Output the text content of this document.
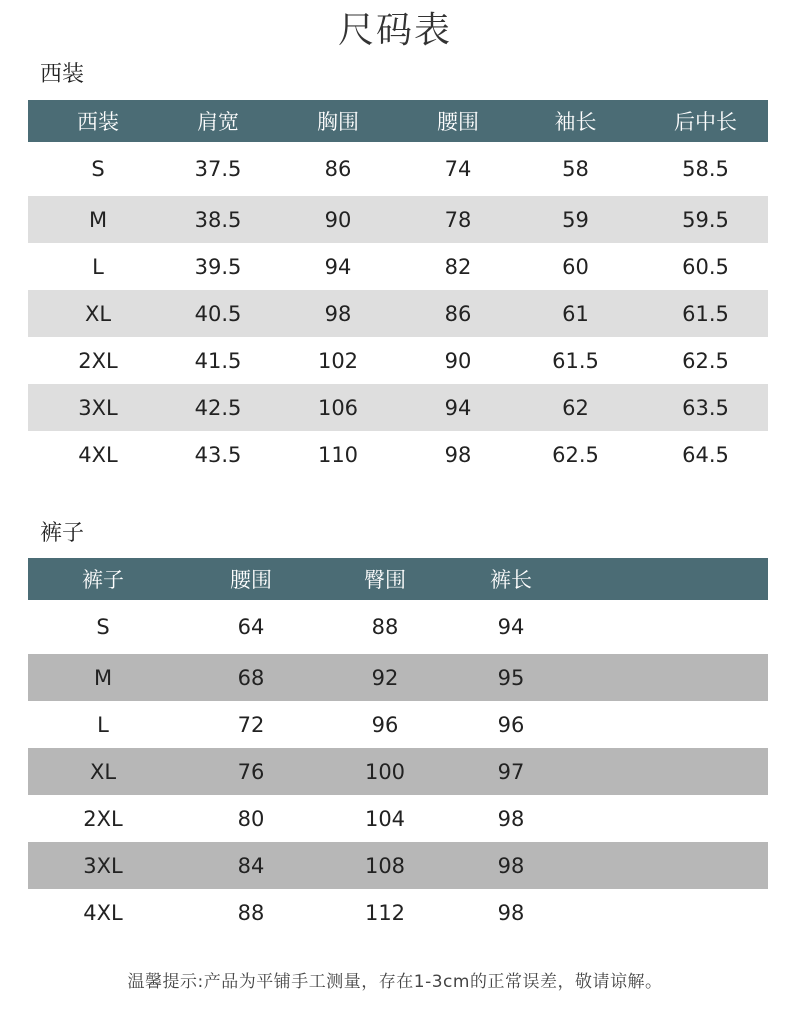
尺码表
西装
西装	肩宽	胸围	腰围	袖长	后中长
S	37.5	86	74	58	58.5
M	38.5	90	78	59	59.5
L	39.5	94	82	60	60.5
XL	40.5	98	86	61	61.5
2XL	41.5	102	90	61.5	62.5
3XL	42.5	106	94	62	63.5
4XL	43.5	110	98	62.5	64.5
裤子
裤子	腰围	臀围	裤长	
S	64	88	94	
M	68	92	95	
L	72	96	96	
XL	76	100	97	
2XL	80	104	98	
3XL	84	108	98	
4XL	88	112	98	
温馨提示:产品为平铺手工测量，存在1-3cm的正常误差，敬请谅解。
